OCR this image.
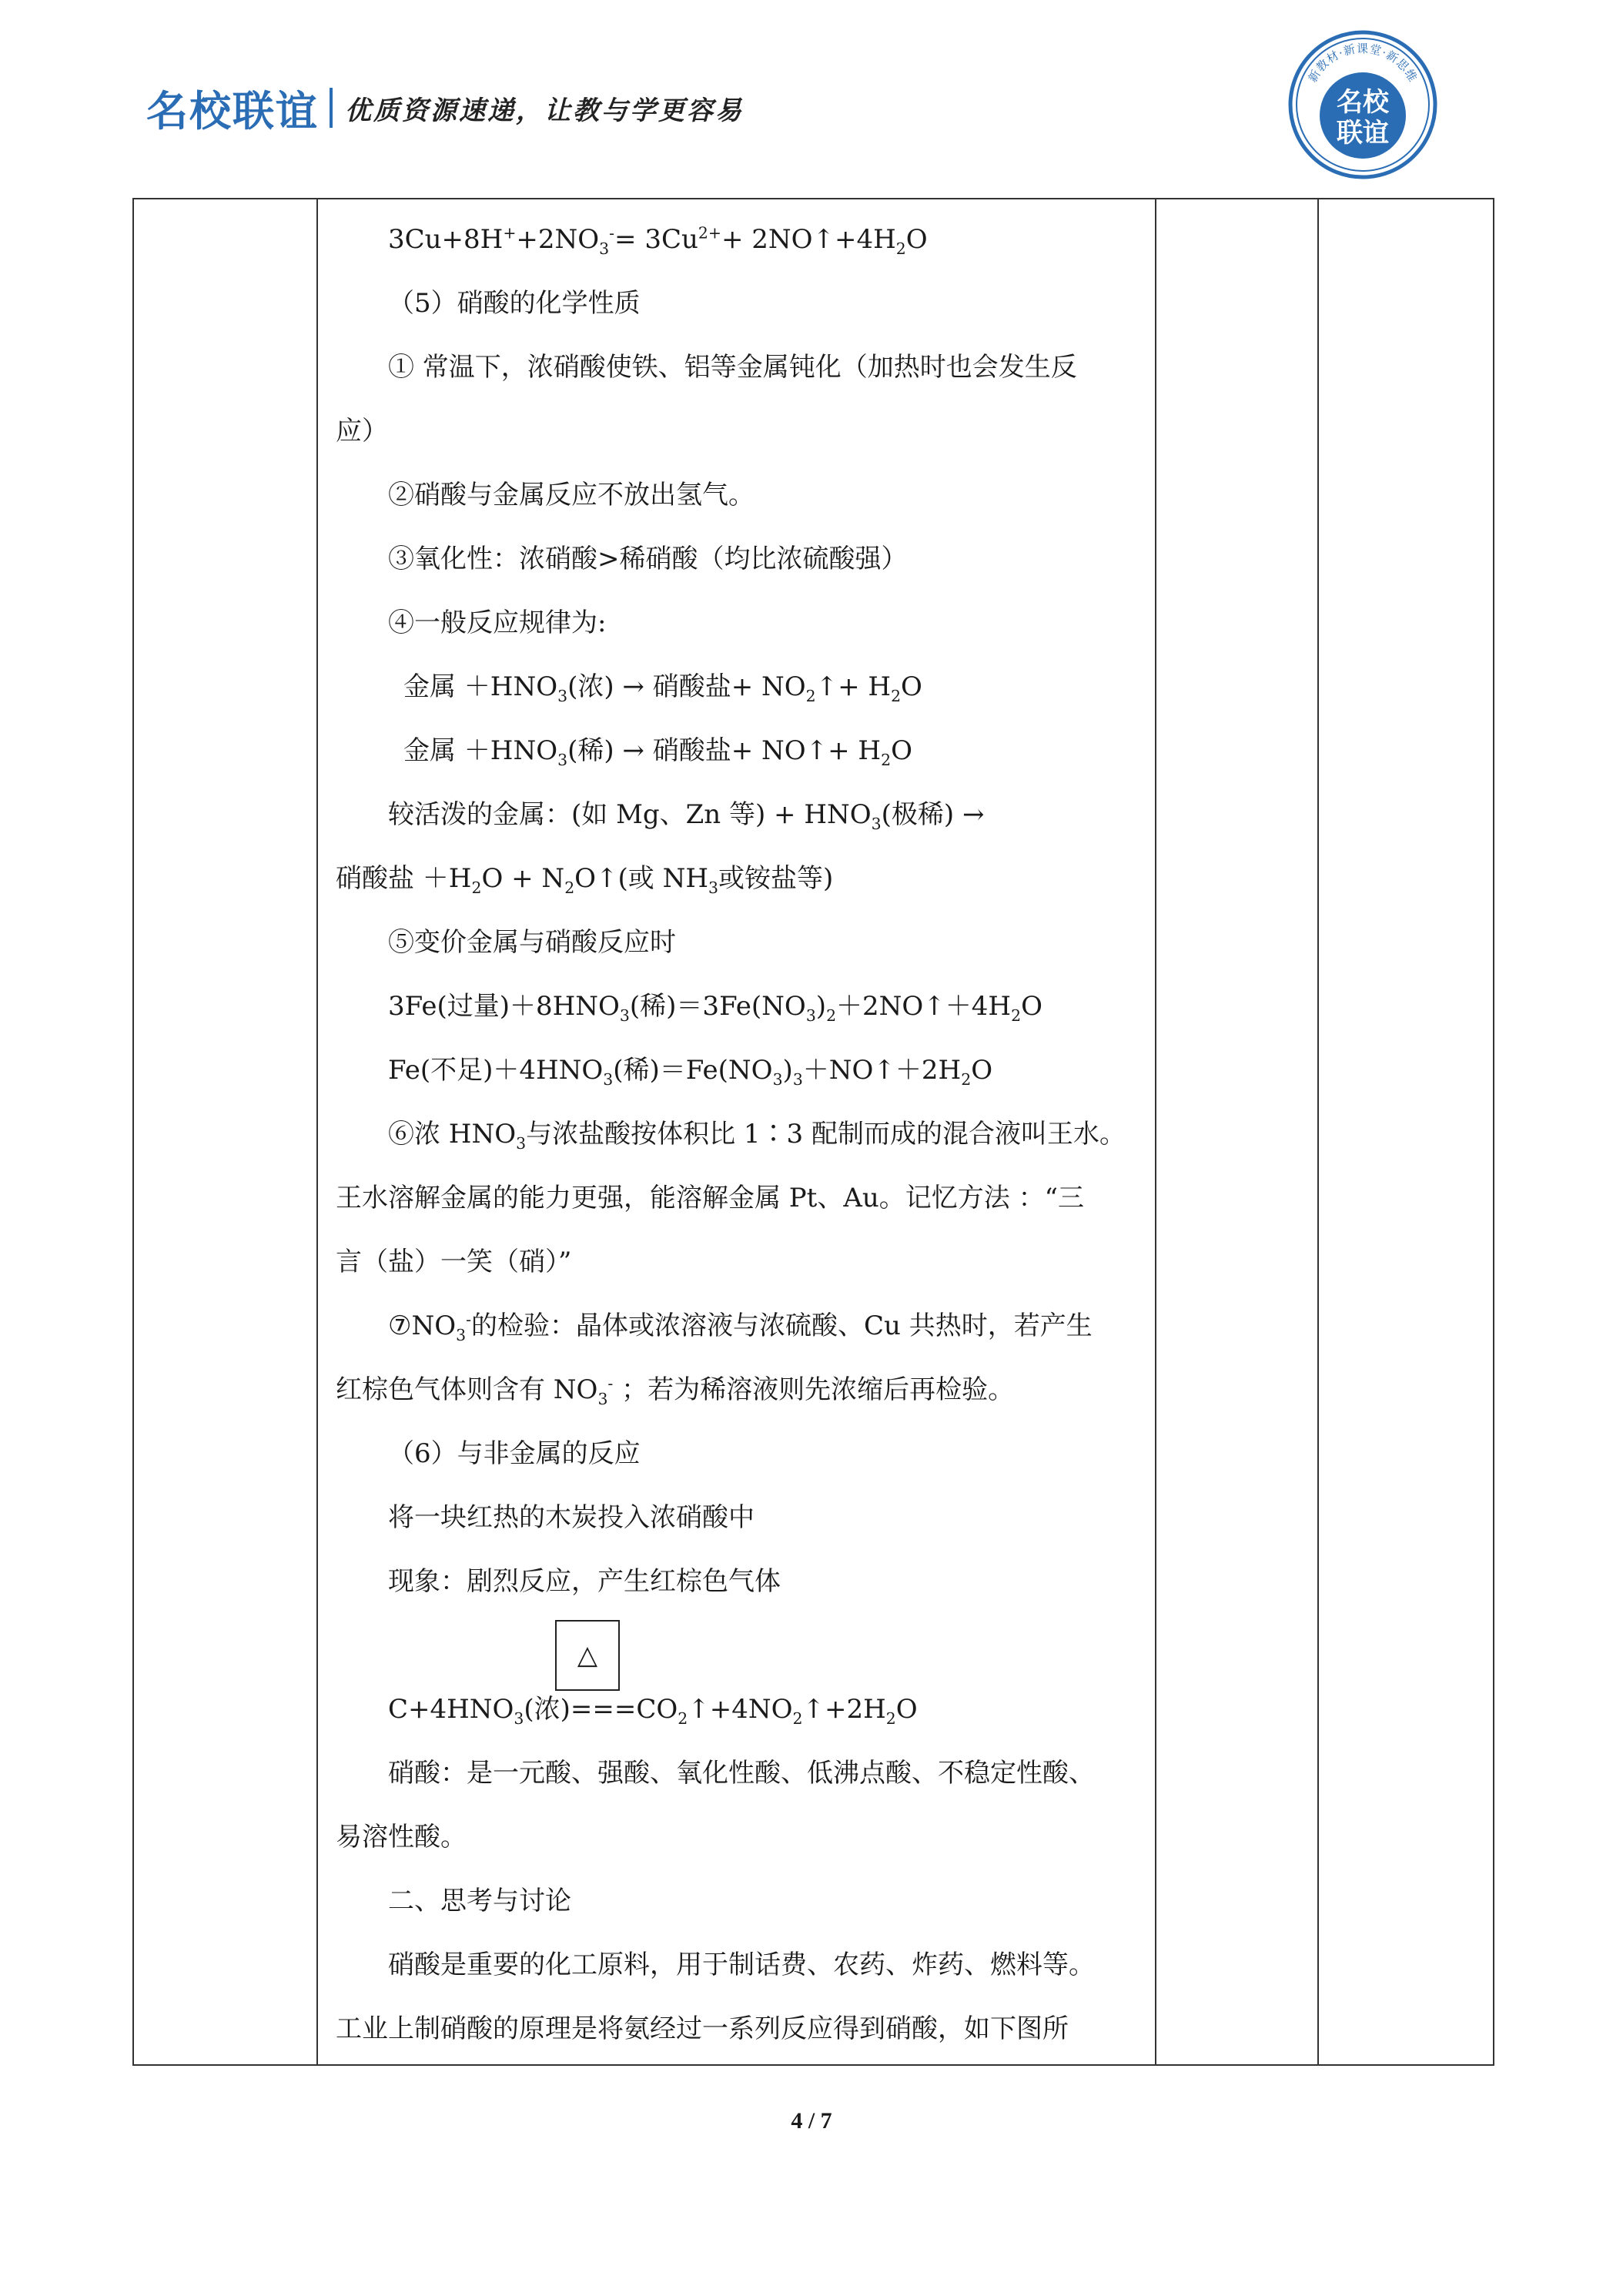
名校联谊 优质资源速递，让教与学更容易
新教材·新课堂·新思维
名校
联谊
$3Cu+8H^++2NO_3^-= 3Cu^{2+}+$ $2NO↑+4H_2O$
（5）硝酸的化学性质
① 常温下，浓硝酸使铁、铝等金属钝化（加热时也会发生反
应）
②硝酸与金属反应不放出氢气。
③氧化性：浓硝酸>稀硝酸（均比浓硫酸强）
④一般反应规律为:
金属 $+HNO_3$(浓) → 硝酸盐+ $NO_2↑+ H_2O$
金属 $+HNO_3$(稀) → 硝酸盐+ NO↑+ $H_2O$
较活泼的金属：(如 Mg、Zn 等) + $HNO_3$(极稀) →
硝酸盐 $+H_2O$ + $N_2O↑$(或 $NH_3$或铵盐等)
⑤变价金属与硝酸反应时
3Fe(过量)$+8HNO_3$(稀)$=3Fe(NO_3)_2+2NO↑+4H_2O$
Fe(不足)$+4HNO_3$(稀)$=Fe(NO_3)_3+NO↑+2H_2O$
⑥浓 $HNO_3$与浓盐酸按体积比 1∶3 配制而成的混合液叫王水。
王水溶解金属的能力更强，能溶解金属 Pt、Au。记忆方法 ：“三
言（盐）一笑（硝）”
$⑦NO_3^-$的检验：晶体或浓溶液与浓硫酸、Cu 共热时，若产生
红棕色气体则含有 $NO_3^-$ ；若为稀溶液则先浓缩后再检验。
（6）与非金属的反应
将一块红热的木炭投入浓硝酸中
现象：剧烈反应，产生红棕色气体
△
$C+4HNO_3$(浓)$===CO_2↑+4NO_2↑+2H_2O$
硝酸：是一元酸、强酸、氧化性酸、低沸点酸、不稳定性酸、
易溶性酸。
二、思考与讨论
硝酸是重要的化工原料，用于制话费、农药、炸药、燃料等。
工业上制硝酸的原理是将氨经过一系列反应得到硝酸，如下图所
4 / 7
